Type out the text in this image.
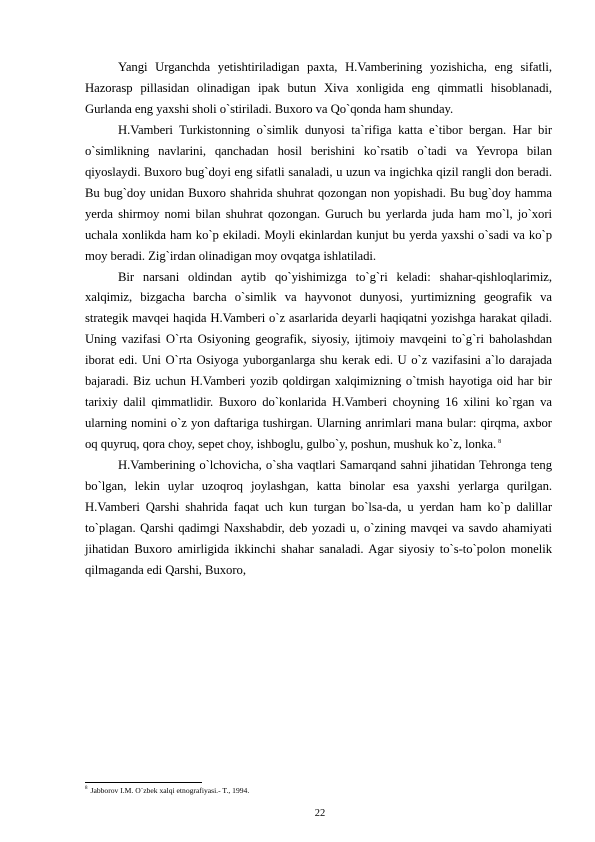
Yangi Urganchda yetishtiriladigan paxta, H.Vamberining yozishicha, eng sifatli, Hazorasp pillasidan olinadigan ipak butun Xiva xonligida eng qimmatli hisoblanadi, Gurlanda eng yaxshi sholi o`stiriladi. Buxoro va Qo`qonda ham shunday.

H.Vamberi Turkistonning o`simlik dunyosi ta`rifiga katta e`tibor bergan. Har bir o`simlikning navlarini, qanchadan hosil berishini ko`rsatib o`tadi va Yevropa bilan qiyoslaydi. Buxoro bug`doyi eng sifatli sanaladi, u uzun va ingichka qizil rangli don beradi. Bu bug`doy unidan Buxoro shahrida shuhrat qozongan non yopishadi. Bu bug`doy hamma yerda shirmoy nomi bilan shuhrat qozongan. Guruch bu yerlarda juda ham mo`l, jo`xori uchala xonlikda ham ko`p ekiladi. Moyli ekinlardan kunjut bu yerda yaxshi o`sadi va ko`p moy beradi. Zig`irdan olinadigan moy ovqatga ishlatiladi.

Bir narsani oldindan aytib qo`yishimizga to`g`ri keladi: shahar-qishloqlarimiz, xalqimiz, bizgacha barcha o`simlik va hayvonot dunyosi, yurtimizning geografik va strategik mavqei haqida H.Vamberi o`z asarlarida deyarli haqiqatni yozishga harakat qiladi. Uning vazifasi O`rta Osiyoning geografik, siyosiy, ijtimoiy mavqeini to`g`ri baholashdan iborat edi. Uni O`rta Osiyoga yuborganlarga shu kerak edi. U o`z vazifasini a`lo darajada bajaradi. Biz uchun H.Vamberi yozib qoldirgan xalqimizning o`tmish hayotiga oid har bir tarixiy dalil qimmatlidir. Buxoro do`konlarida H.Vamberi choyning 16 xilini ko`rgan va ularning nomini o`z yon daftariga tushirgan. Ularning anrimlari mana bular: qirqma, axbor oq quyruq, qora choy, sepet choy, ishboglu, gulbo`y, poshun, mushuk ko`z, lonka. $^8$

H.Vamberining o`lchovicha, o`sha vaqtlari Samarqand sahni jihatidan Tehronga teng bo`lgan, lekin uylar uzoqroq joylashgan, katta binolar esa yaxshi yerlarga qurilgan. H.Vamberi Qarshi shahrida faqat uch kun turgan bo`lsa-da, u yerdan ham ko`p dalillar to`plagan. Qarshi qadimgi Naxshabdir, deb yozadi u, o`zining mavqei va savdo ahamiyati jihatidan Buxoro amirligida ikkinchi shahar sanaladi. Agar siyosiy to`s-to`polon monelik qilmaganda edi Qarshi, Buxoro,

$^8$ Jabborov I.M. O`zbek xalqi etnografiyasi.- T., 1994.
22
